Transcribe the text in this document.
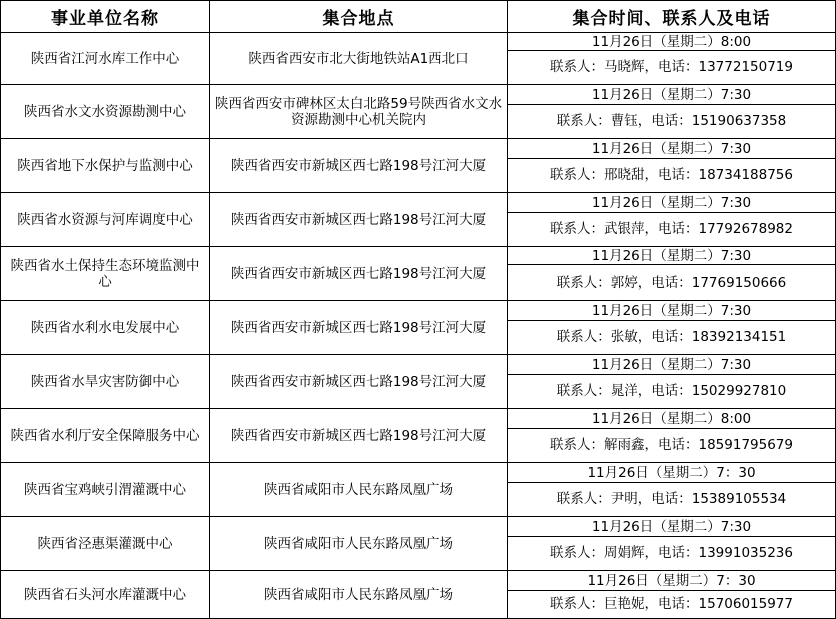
事业单位名称	集合地点	集合时间、联系人及电话
陕西省江河水库工作中心	陕西省西安市北大街地铁站A1西北口	11月26日（星期二）8:00
		联系人：马晓辉，电话：13772150719
陕西省水文水资源勘测中心	陕西省西安市碑林区太白北路59号陕西省水文水资源勘测中心机关院内	11月26日（星期二）7:30
		联系人：曹钰，电话：15190637358
陕西省地下水保护与监测中心	陕西省西安市新城区西七路198号江河大厦	11月26日（星期二）7:30
		联系人：邢晓甜，电话：18734188756
陕西省水资源与河库调度中心	陕西省西安市新城区西七路198号江河大厦	11月26日（星期二）7:30
		联系人：武银萍，电话：17792678982
陕西省水土保持生态环境监测中心	陕西省西安市新城区西七路198号江河大厦	11月26日（星期二）7:30
		联系人：郭婷，电话：17769150666
陕西省水利水电发展中心	陕西省西安市新城区西七路198号江河大厦	11月26日（星期二）7:30
		联系人：张敏，电话：18392134151
陕西省水旱灾害防御中心	陕西省西安市新城区西七路198号江河大厦	11月26日（星期二）7:30
		联系人：晁洋，电话：15029927810
陕西省水利厅安全保障服务中心	陕西省西安市新城区西七路198号江河大厦	11月26日（星期二）8:00
		联系人：解雨鑫，电话：18591795679
陕西省宝鸡峡引渭灌溉中心	陕西省咸阳市人民东路凤凰广场	11月26日（星期二）7：30
		联系人：尹明，电话：15389105534
陕西省泾惠渠灌溉中心	陕西省咸阳市人民东路凤凰广场	11月26日（星期二）7:30
		联系人：周娟辉，电话：13991035236
陕西省石头河水库灌溉中心	陕西省咸阳市人民东路凤凰广场	11月26日（星期二）7：30
		联系人：巨艳妮，电话：15706015977
